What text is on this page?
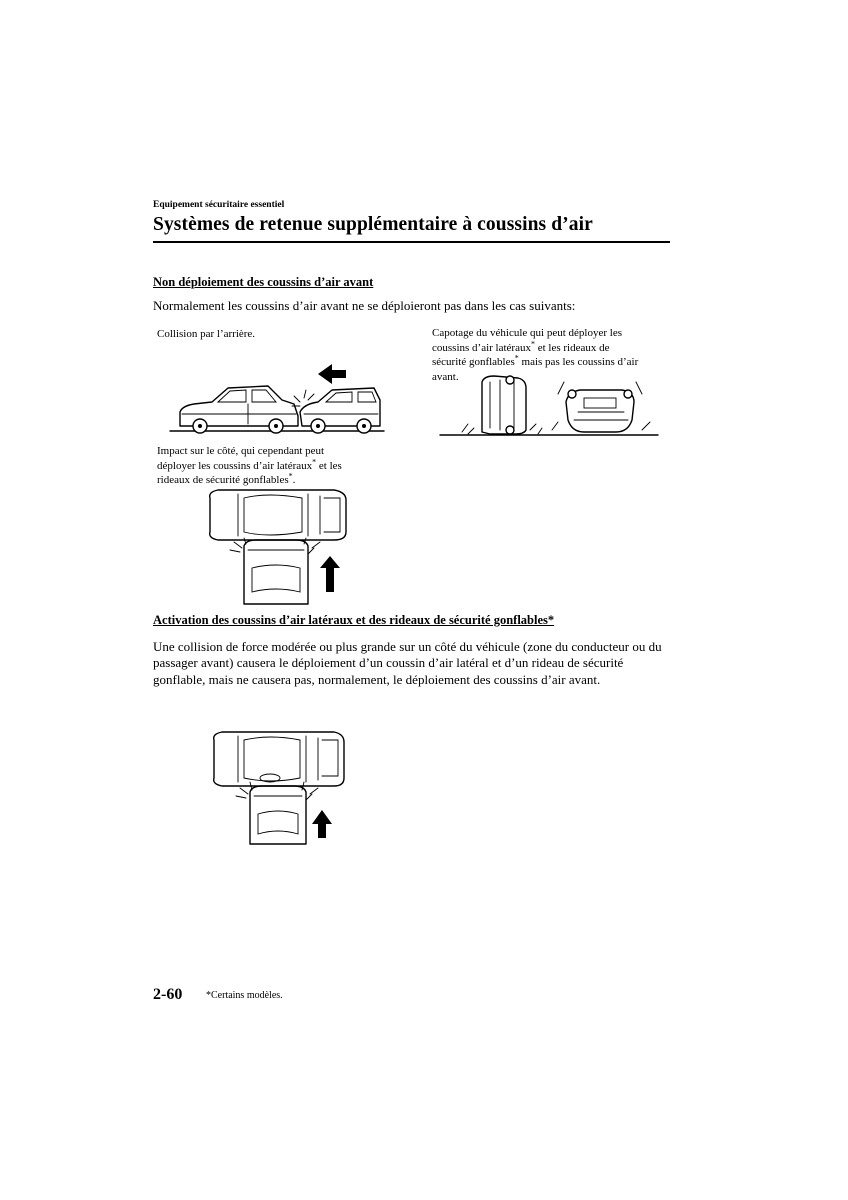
Equipement sécuritaire essentiel
Systèmes de retenue supplémentaire à coussins d’air
Non déploiement des coussins d’air avant
Normalement les coussins d’air avant ne se déploieront pas dans les cas suivants:
Collision par l’arrière.	Capotage du véhicule qui peut déployer les
coussins d’air latéraux* et les rideaux de
sécurité gonflables* mais pas les coussins d’air
avant.
Impact sur le côté, qui cependant peut
déployer les coussins d’air latéraux* et les
rideaux de sécurité gonflables*.
Activation des coussins d’air latéraux et des rideaux de sécurité gonflables*
Une collision de force modérée ou plus grande sur un côté du véhicule (zone du conducteur ou du passager avant) causera le déploiement d’un coussin d’air latéral et d’un rideau de sécurité gonflable, mais ne causera pas, normalement, le déploiement des coussins d’air avant.
2-60 *Certains modèles.
